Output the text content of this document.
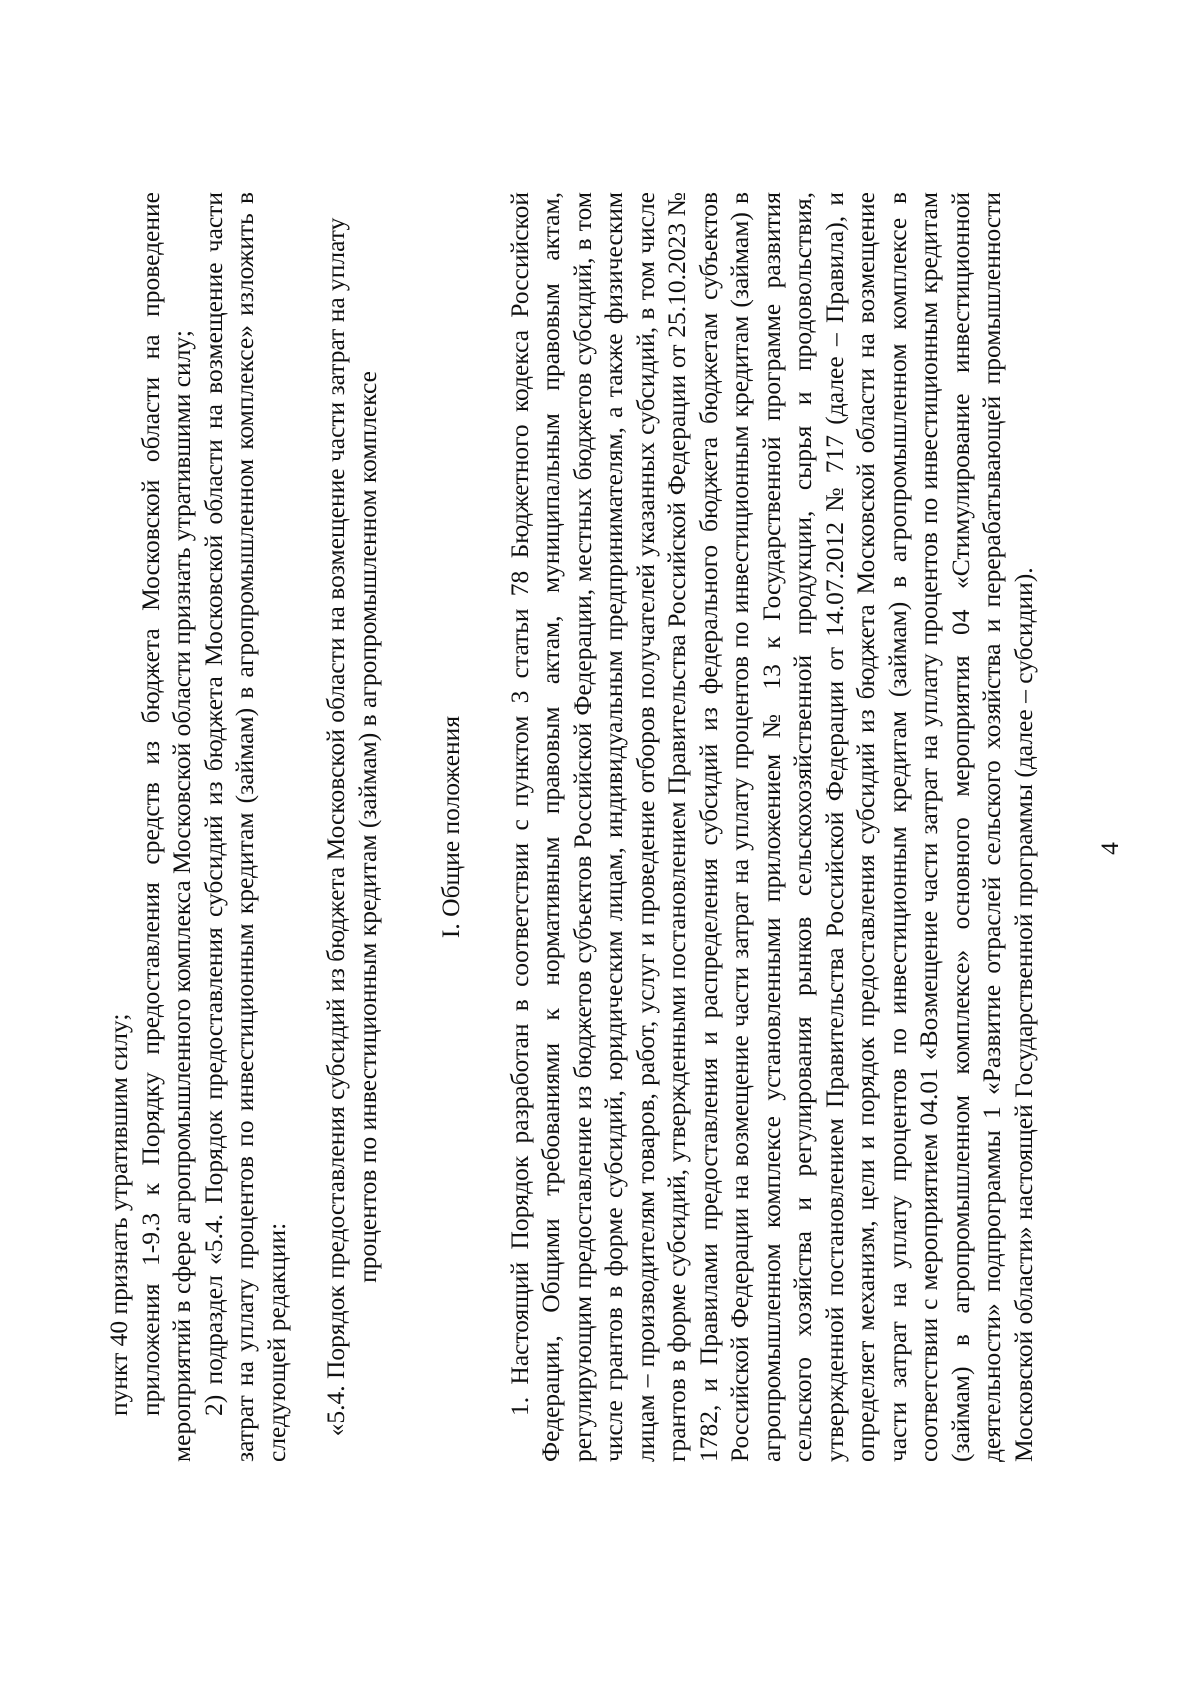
4

пункт 40 признать утратившим силу; приложения 1-9.3 к Порядку предоставления средств из бюджета Московской области на проведение мероприятий в сфере агропромышленного комплекса Московской области признать утратившими силу; 2) подраздел «5.4. Порядок предоставления субсидий из бюджета Московской области на возмещение части затрат на уплату процентов по инвестиционным кредитам (займам) в агропромышленном комплексе» изложить в следующей редакции: «5.4. Порядок предоставления субсидий из бюджета Московской области на возмещение части затрат на уплату процентов по инвестиционным кредитам (займам) в агропромышленном комплексе I. Общие положения 1. Настоящий Порядок разработан в соответствии с пунктом 3 статьи 78 Бюджетного кодекса Российской Федерации, Общими требованиями к нормативным правовым актам, муниципальным правовым актам, регулирующим предоставление из бюджетов субъектов Российской Федерации, местных бюджетов субсидий, в том числе грантов в форме субсидий, юридическим лицам, индивидуальным предпринимателям, а также физическим лицам – производителям товаров, работ, услуг и проведение отборов получателей указанных субсидий, в том числе грантов в форме субсидий, утвержденными постановлением Правительства Российской Федерации от 25.10.2023 № 1782, и Правилами предоставления и распределения субсидий из федерального бюджета бюджетам субъектов Российской Федерации на возмещение части затрат на уплату процентов по инвестиционным кредитам (займам) в агропромышленном комплексе установленными приложением № 13 к Государственной программе развития сельского хозяйства и регулирования рынков сельскохозяйственной продукции, сырья и продовольствия, утвержденной постановлением Правительства Российской Федерации от 14.07.2012 № 717 (далее – Правила), и определяет механизм, цели и порядок предоставления субсидий из бюджета Московской области на возмещение части затрат на уплату процентов по инвестиционным кредитам (займам) в агропромышленном комплексе в соответствии с мероприятием 04.01 «Возмещение части затрат на уплату процентов по инвестиционным кредитам (займам) в агропромышленном комплексе» основного мероприятия 04 «Стимулирование инвестиционной деятельности» подпрограммы 1 «Развитие отраслей сельского хозяйства и перерабатывающей промышленности Московской области» настоящей Государственной программы (далее – субсидии).
